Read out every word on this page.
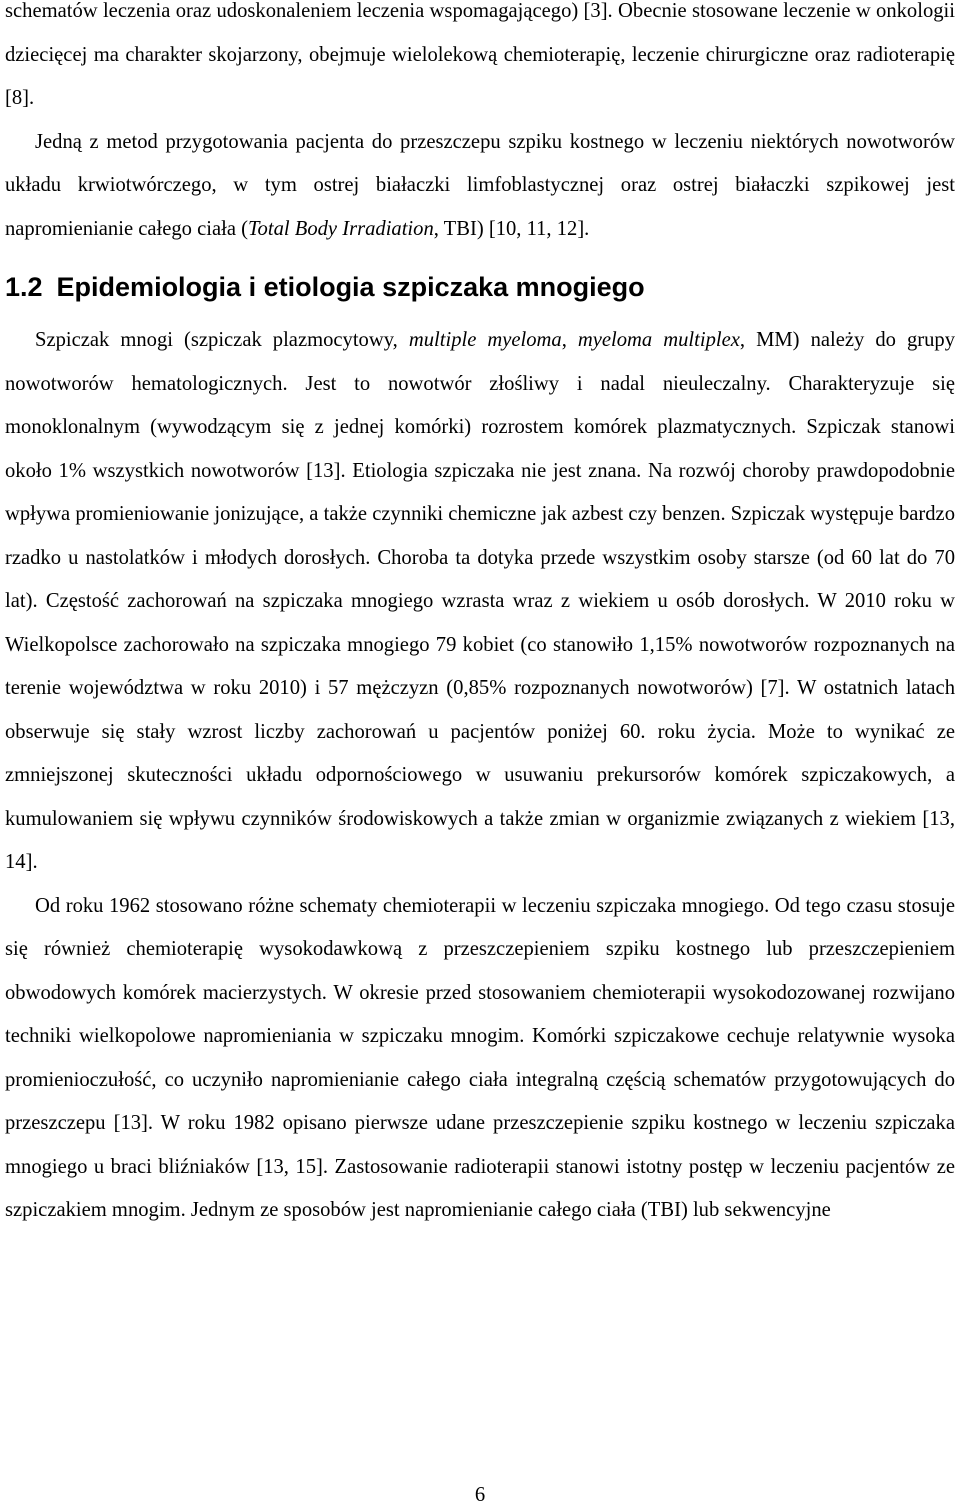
schematów leczenia oraz udoskonaleniem leczenia wspomagającego) [3]. Obecnie stosowane leczenie w onkologii dziecięcej ma charakter skojarzony, obejmuje wielolekową chemioterapię, leczenie chirurgiczne oraz radioterapię [8].

Jedną z metod przygotowania pacjenta do przeszczepu szpiku kostnego w leczeniu niektórych nowotworów układu krwiotwórczego, w tym ostrej białaczki limfoblastycznej oraz ostrej białaczki szpikowej jest napromienianie całego ciała (Total Body Irradiation, TBI) [10, 11, 12].

1.2 Epidemiologia i etiologia szpiczaka mnogiego

Szpiczak mnogi (szpiczak plazmocytowy, multiple myeloma, myeloma multiplex, MM) należy do grupy nowotworów hematologicznych. Jest to nowotwór złośliwy i nadal nieuleczalny. Charakteryzuje się monoklonalnym (wywodzącym się z jednej komórki) rozrostem komórek plazmatycznych. Szpiczak stanowi około 1% wszystkich nowotworów [13]. Etiologia szpiczaka nie jest znana. Na rozwój choroby prawdopodobnie wpływa promieniowanie jonizujące, a także czynniki chemiczne jak azbest czy benzen. Szpiczak występuje bardzo rzadko u nastolatków i młodych dorosłych. Choroba ta dotyka przede wszystkim osoby starsze (od 60 lat do 70 lat). Częstość zachorowań na szpiczaka mnogiego wzrasta wraz z wiekiem u osób dorosłych. W 2010 roku w Wielkopolsce zachorowało na szpiczaka mnogiego 79 kobiet (co stanowiło 1,15% nowotworów rozpoznanych na terenie województwa w roku 2010) i 57 mężczyzn (0,85% rozpoznanych nowotworów) [7]. W ostatnich latach obserwuje się stały wzrost liczby zachorowań u pacjentów poniżej 60. roku życia. Może to wynikać ze zmniejszonej skuteczności układu odpornościowego w usuwaniu prekursorów komórek szpiczakowych, a kumulowaniem się wpływu czynników środowiskowych a także zmian w organizmie związanych z wiekiem [13, 14].

Od roku 1962 stosowano różne schematy chemioterapii w leczeniu szpiczaka mnogiego. Od tego czasu stosuje się również chemioterapię wysokodawkową z przeszczepieniem szpiku kostnego lub przeszczepieniem obwodowych komórek macierzystych. W okresie przed stosowaniem chemioterapii wysokodozowanej rozwijano techniki wielkopolowe napromieniania w szpiczaku mnogim. Komórki szpiczakowe cechuje relatywnie wysoka promienioczułość, co uczyniło napromienianie całego ciała integralną częścią schematów przygotowujących do przeszczepu [13]. W roku 1982 opisano pierwsze udane przeszczepienie szpiku kostnego w leczeniu szpiczaka mnogiego u braci bliźniaków [13, 15]. Zastosowanie radioterapii stanowi istotny postęp w leczeniu pacjentów ze szpiczakiem mnogim. Jednym ze sposobów jest napromienianie całego ciała (TBI) lub sekwencyjne

6
